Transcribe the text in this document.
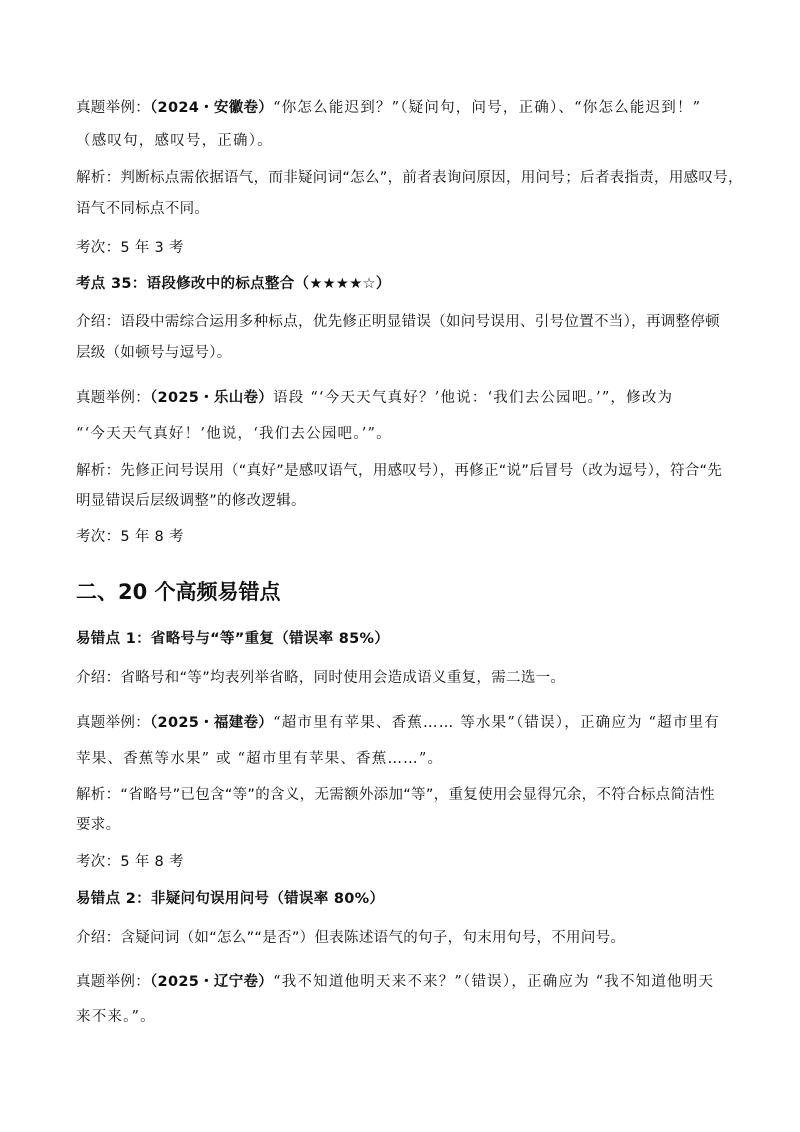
真题举例：（2024・安徽卷）“你怎么能迟到？”（疑问句，问号，正确）、“你怎么能迟到！”
（感叹句，感叹号，正确）。
解析：判断标点需依据语气，而非疑问词“怎么”，前者表询问原因，用问号；后者表指责，用感叹号，
语气不同标点不同。
考次：5 年 3 考
考点 35：语段修改中的标点整合（★★★★☆）
介绍：语段中需综合运用多种标点，优先修正明显错误（如问号误用、引号位置不当），再调整停顿
层级（如顿号与逗号）。
真题举例：（2025・乐山卷）语段 “‘今天天气真好？’他说：‘我们去公园吧。’”，修改为
“‘今天天气真好！’他说，‘我们去公园吧。’”。
解析：先修正问号误用（“真好”是感叹语气，用感叹号），再修正“说”后冒号（改为逗号），符合“先
明显错误后层级调整”的修改逻辑。
考次：5 年 8 考
二、20 个高频易错点
易错点 1：省略号与“等”重复（错误率 85%）
介绍：省略号和“等”均表列举省略，同时使用会造成语义重复，需二选一。
真题举例：（2025・福建卷）“超市里有苹果、香蕉…… 等水果”（错误），正确应为 “超市里有
苹果、香蕉等水果” 或 “超市里有苹果、香蕉……”。
解析：“省略号”已包含“等”的含义，无需额外添加“等”，重复使用会显得冗余，不符合标点简洁性
要求。
考次：5 年 8 考
易错点 2：非疑问句误用问号（错误率 80%）
介绍：含疑问词（如“怎么”“是否”）但表陈述语气的句子，句末用句号，不用问号。
真题举例：（2025・辽宁卷）“我不知道他明天来不来？”（错误），正确应为 “我不知道他明天
来不来。”。
